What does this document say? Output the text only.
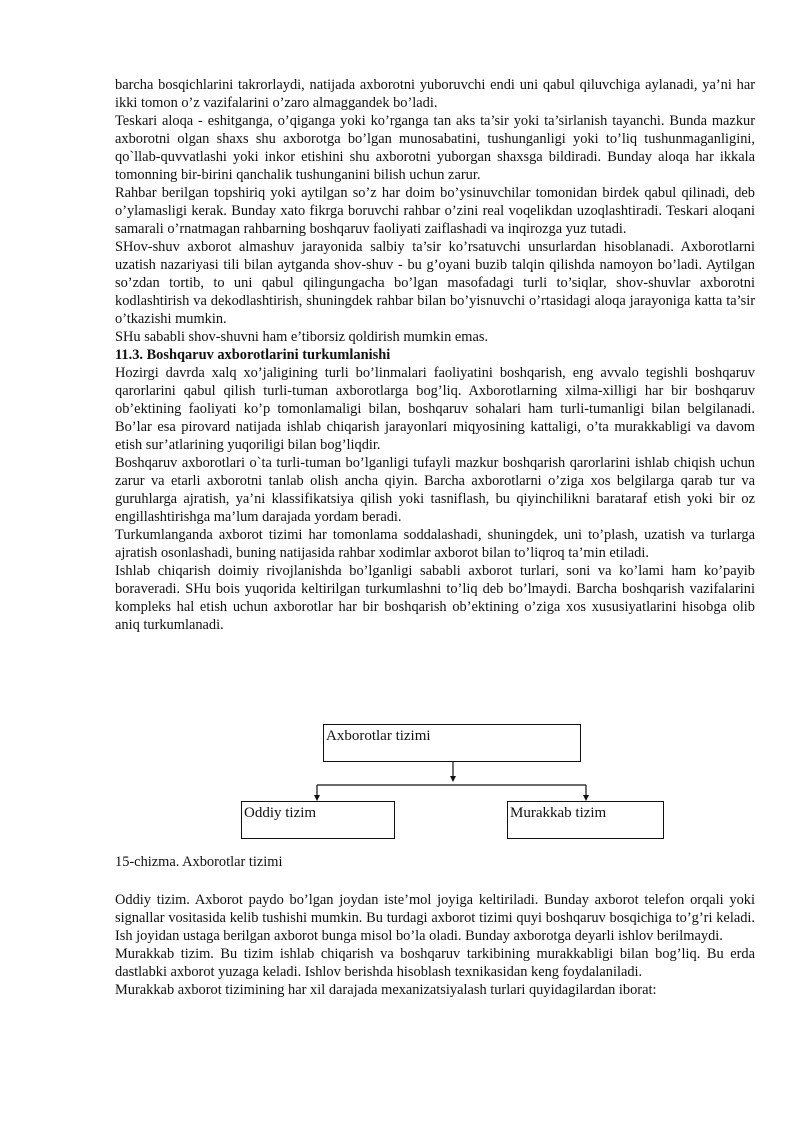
barcha bosqichlarini takrorlaydi, natijada axborotni yuboruvchi endi uni qabul qiluvchiga aylanadi, ya’ni har ikki tomon o’z vazifalarini o’zaro almaggandek bo’ladi.

Teskari aloqa - eshitganga, o’qiganga yoki ko’rganga tan aks ta’sir yoki ta’sirlanish tayanchi. Bunda mazkur axborotni olgan shaxs shu axborotga bo’lgan munosabatini, tushunganligi yoki to’liq tushunmaganligini, qo`llab-quvvatlashi yoki inkor etishini shu axborotni yuborgan shaxsga bildiradi. Bunday aloqa har ikkala tomonning bir-birini qanchalik tushunganini bilish uchun zarur.

Rahbar berilgan topshiriq yoki aytilgan so’z har doim bo’ysinuvchilar tomonidan birdek qabul qilinadi, deb o’ylamasligi kerak. Bunday xato fikrga boruvchi rahbar o’zini real voqelikdan uzoqlashtiradi. Teskari aloqani samarali o’rnatmagan rahbarning boshqaruv faoliyati zaiflashadi va inqirozga yuz tutadi.

SHov-shuv axborot almashuv jarayonida salbiy ta’sir ko’rsatuvchi unsurlardan hisoblanadi. Axborotlarni uzatish nazariyasi tili bilan aytganda shov-shuv - bu g’oyani buzib talqin qilishda namoyon bo’ladi. Aytilgan so’zdan tortib, to uni qabul qilingungacha bo’lgan masofadagi turli to’siqlar, shov-shuvlar axborotni kodlashtirish va dekodlashtirish, shuningdek rahbar bilan bo’yisnuvchi o’rtasidagi aloqa jarayoniga katta ta’sir o’tkazishi mumkin.

SHu sababli shov-shuvni ham e’tiborsiz qoldirish mumkin emas.

11.3. Boshqaruv axborotlarini turkumlanishi

Hozirgi davrda xalq xo’jaligining turli bo’linmalari faoliyatini boshqarish, eng avvalo tegishli boshqaruv qarorlarini qabul qilish turli-tuman axborotlarga bog’liq. Axborotlarning xilma-xilligi har bir boshqaruv ob’ektining faoliyati ko’p tomonlamaligi bilan, boshqaruv sohalari ham turli-tumanligi bilan belgilanadi. Bo’lar esa pirovard natijada ishlab chiqarish jarayonlari miqyosining kattaligi, o’ta murakkabligi va davom etish sur’atlarining yuqoriligi bilan bog’liqdir.

Boshqaruv axborotlari o`ta turli-tuman bo’lganligi tufayli mazkur boshqarish qarorlarini ishlab chiqish uchun zarur va etarli axborotni tanlab olish ancha qiyin. Barcha axborotlarni o’ziga xos belgilarga qarab tur va guruhlarga ajratish, ya’ni klassifikatsiya qilish yoki tasniflash, bu qiyinchilikni barataraf etish yoki bir oz engillashtirishga ma’lum darajada yordam beradi.

Turkumlanganda axborot tizimi har tomonlama soddalashadi, shuningdek, uni to’plash, uzatish va turlarga ajratish osonlashadi, buning natijasida rahbar xodimlar axborot bilan to’liqroq ta’min etiladi.

Ishlab chiqarish doimiy rivojlanishda bo’lganligi sababli axborot turlari, soni va ko’lami ham ko’payib boraveradi. SHu bois yuqorida keltirilgan turkumlashni to’liq deb bo’lmaydi. Barcha boshqarish vazifalarini kompleks hal etish uchun axborotlar har bir boshqarish ob’ektining o’ziga xos xususiyatlarini hisobga olib aniq turkumlanadi.

Axborotlar tizimi
Oddiy tizim	Murakkab tizim
15-chizma. Axborotlar tizimi

Oddiy tizim. Axborot paydo bo’lgan joydan iste’mol joyiga keltiriladi. Bunday axborot telefon orqali yoki signallar vositasida kelib tushishi mumkin. Bu turdagi axborot tizimi quyi boshqaruv bosqichiga to’g’ri keladi. Ish joyidan ustaga berilgan axborot bunga misol bo’la oladi. Bunday axborotga deyarli ishlov berilmaydi.

Murakkab tizim. Bu tizim ishlab chiqarish va boshqaruv tarkibining murakkabligi bilan bog’liq. Bu erda dastlabki axborot yuzaga keladi. Ishlov berishda hisoblash texnikasidan keng foydalaniladi.

Murakkab axborot tizimining har xil darajada mexanizatsiyalash turlari quyidagilardan iborat:
